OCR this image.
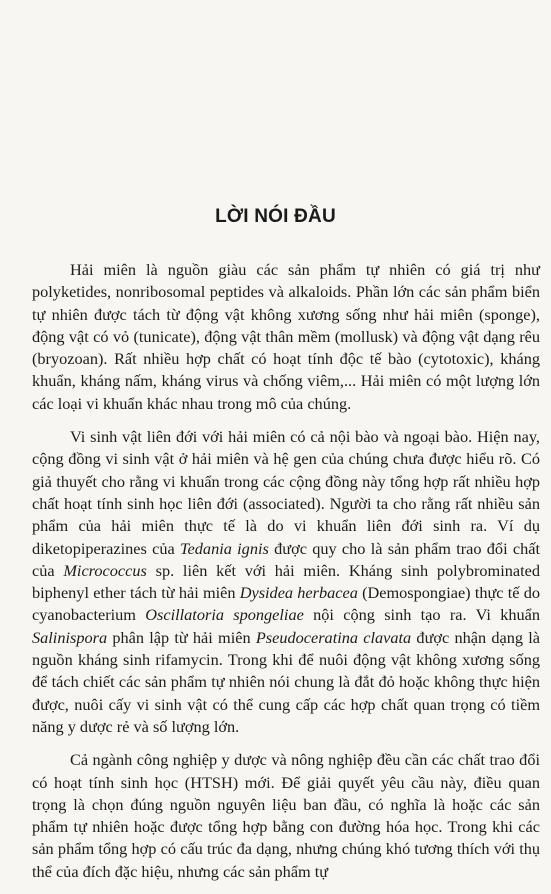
LỜI NÓI ĐẦU

Hải miên là nguồn giàu các sản phẩm tự nhiên có giá trị như polyketides, nonribosomal peptides và alkaloids. Phần lớn các sản phẩm biển tự nhiên được tách từ động vật không xương sống như hải miên (sponge), động vật có vỏ (tunicate), động vật thân mềm (mollusk) và động vật dạng rêu (bryozoan). Rất nhiều hợp chất có hoạt tính độc tế bào (cytotoxic), kháng khuẩn, kháng nấm, kháng virus và chống viêm,... Hải miên có một lượng lớn các loại vi khuẩn khác nhau trong mô của chúng.

Vi sinh vật liên đới với hải miên có cả nội bào và ngoại bào. Hiện nay, cộng đồng vi sinh vật ở hải miên và hệ gen của chúng chưa được hiểu rõ. Có giả thuyết cho rằng vi khuẩn trong các cộng đồng này tổng hợp rất nhiều hợp chất hoạt tính sinh học liên đới (associated). Người ta cho rằng rất nhiều sản phẩm của hải miên thực tế là do vi khuẩn liên đới sinh ra. Ví dụ diketopiperazines của Tedania ignis được quy cho là sản phẩm trao đổi chất của Micrococcus sp. liên kết với hải miên. Kháng sinh polybrominated biphenyl ether tách từ hải miên Dysidea herbacea (Demospongiae) thực tế do cyanobacterium Oscillatoria spongeliae nội cộng sinh tạo ra. Vi khuẩn Salinispora phân lập từ hải miên Pseudoceratina clavata được nhận dạng là nguồn kháng sinh rifamycin. Trong khi để nuôi động vật không xương sống để tách chiết các sản phẩm tự nhiên nói chung là đắt đỏ hoặc không thực hiện được, nuôi cấy vi sinh vật có thể cung cấp các hợp chất quan trọng có tiềm năng y dược rẻ và số lượng lớn.

Cả ngành công nghiệp y dược và nông nghiệp đều cần các chất trao đổi có hoạt tính sinh học (HTSH) mới. Để giải quyết yêu cầu này, điều quan trọng là chọn đúng nguồn nguyên liệu ban đầu, có nghĩa là hoặc các sản phẩm tự nhiên hoặc được tổng hợp bằng con đường hóa học. Trong khi các sản phẩm tổng hợp có cấu trúc đa dạng, nhưng chúng khó tương thích với thụ thể của đích đặc hiệu, nhưng các sản phẩm tự
